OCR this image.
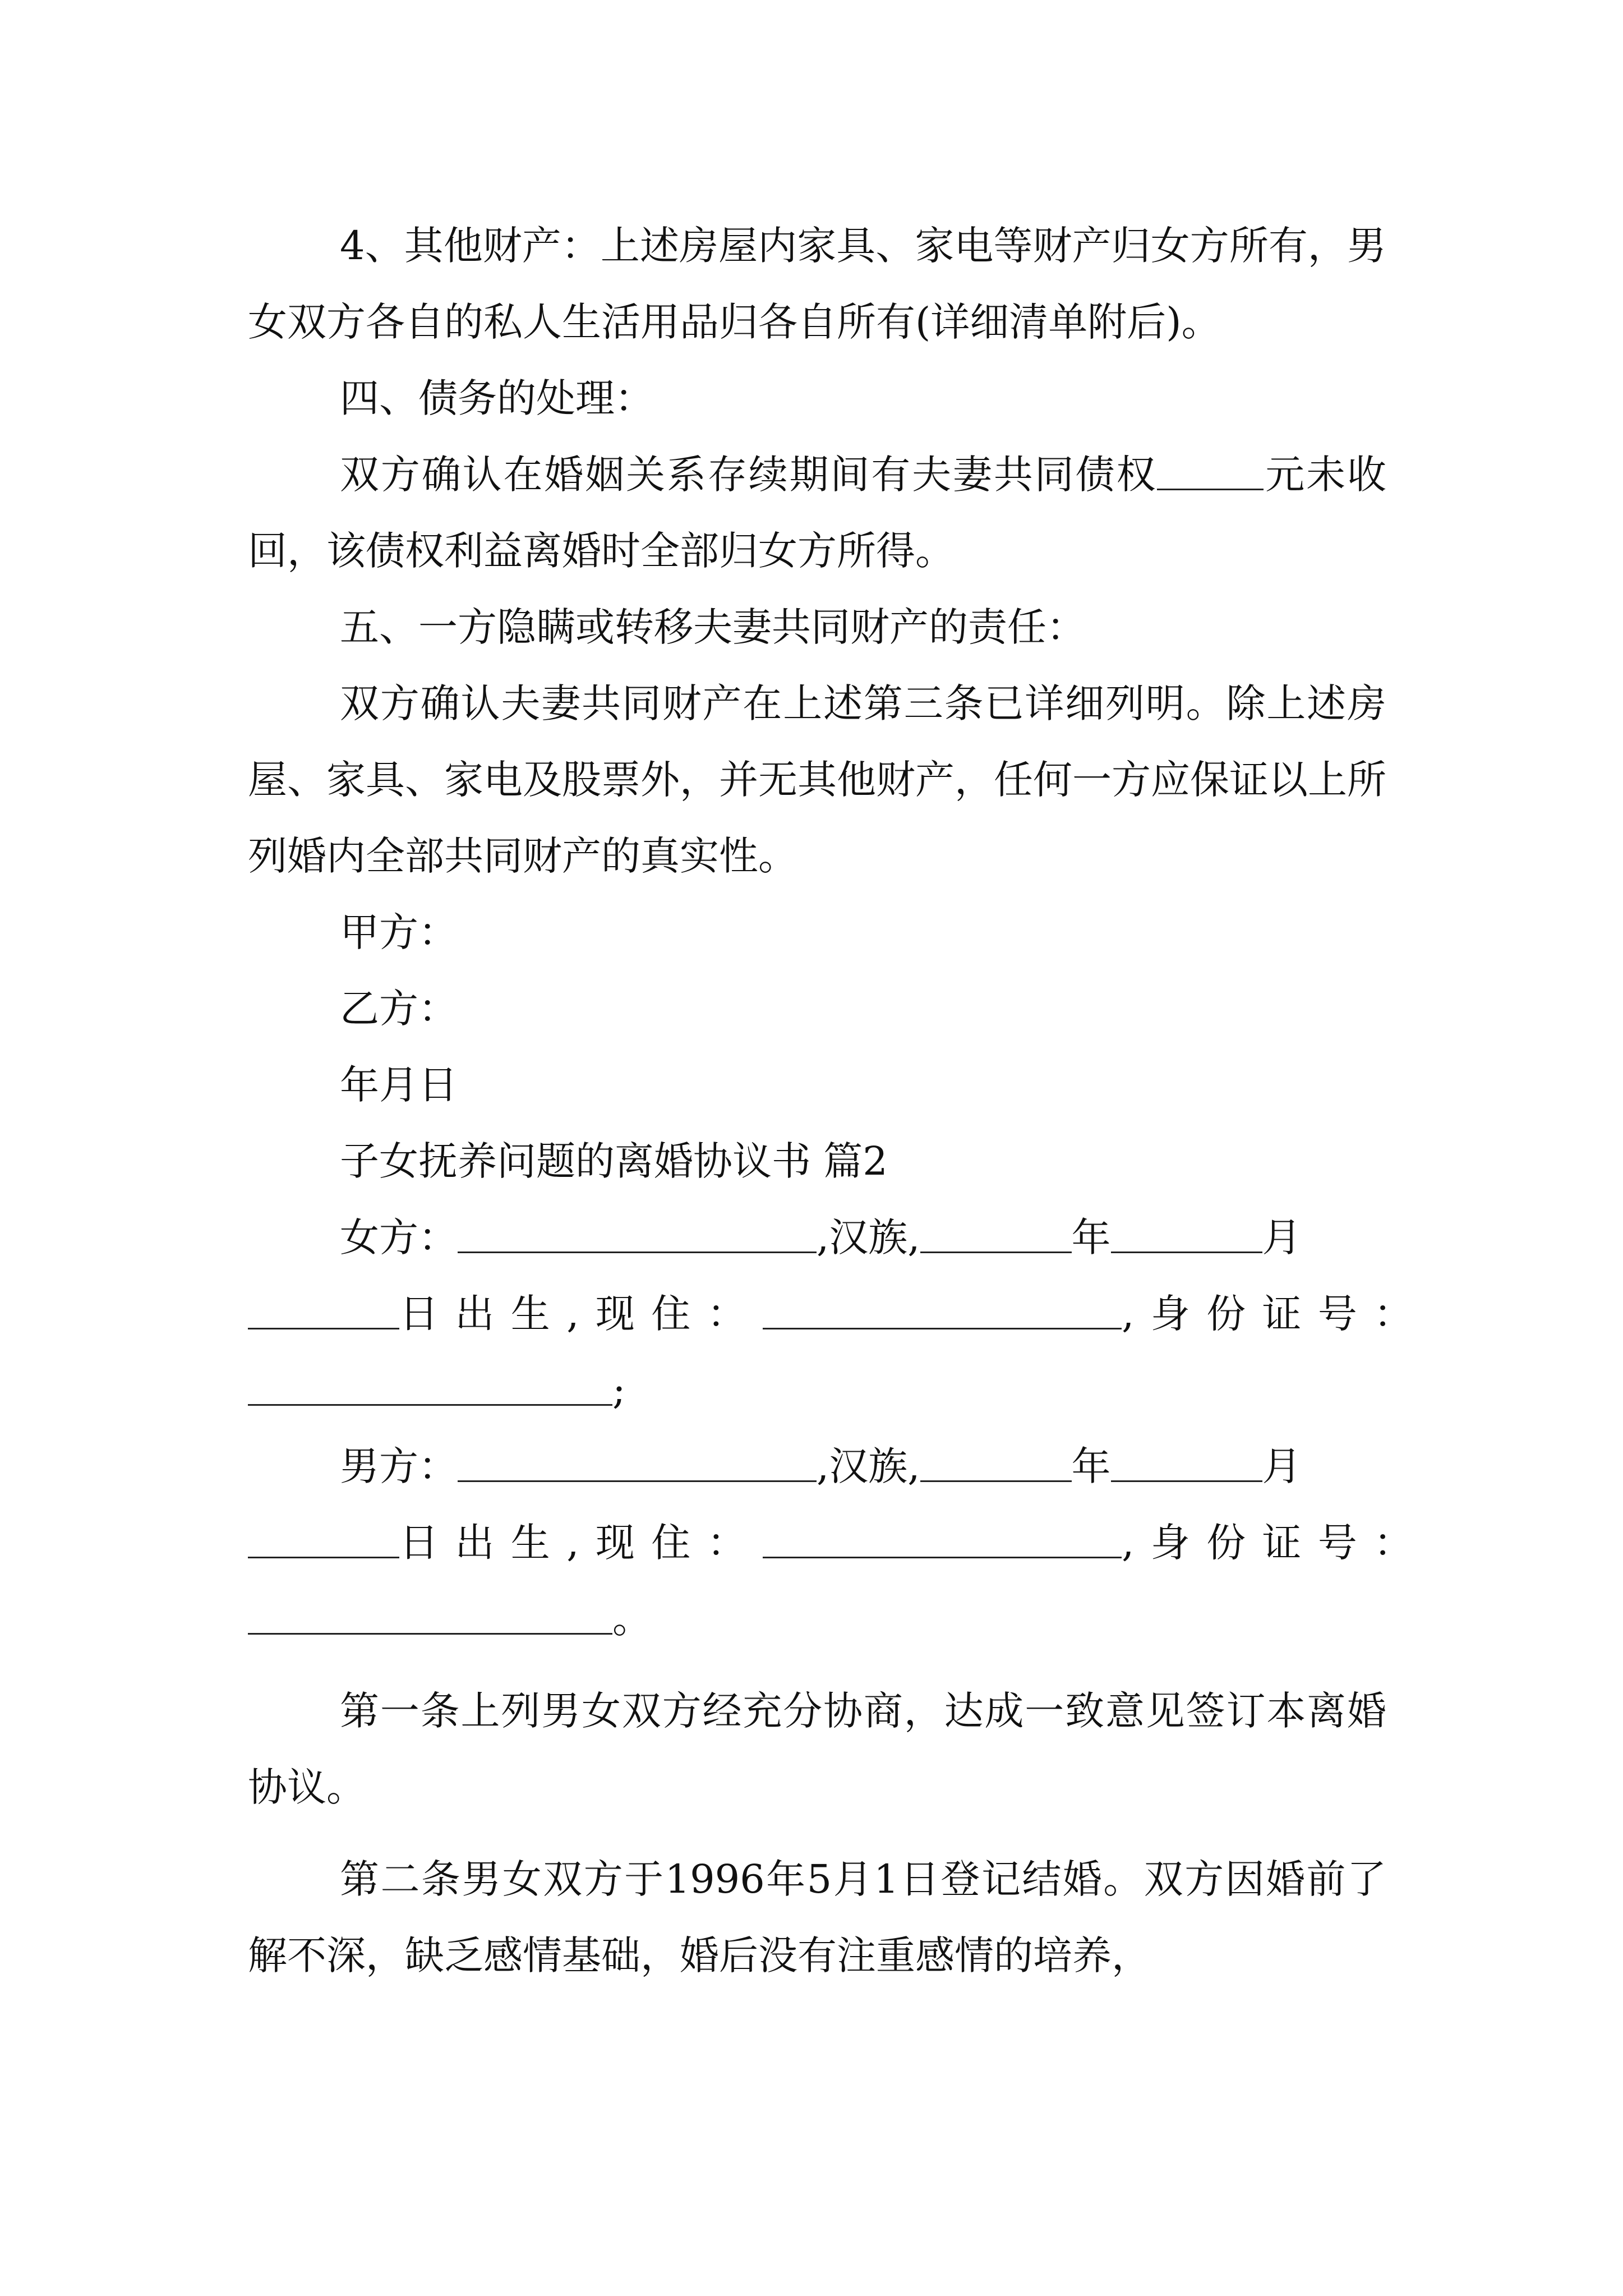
4、其他财产：上述房屋内家具、家电等财产归女方所有，男女双方各自的私人生活用品归各自所有(详细清单附后)。

四、债务的处理：

双方确认在婚姻关系存续期间有夫妻共同债权	元未收回，该债权利益离婚时全部归女方所得。

五、一方隐瞒或转移夫妻共同财产的责任：

双方确认夫妻共同财产在上述第三条已详细列明。除上述房屋、家具、家电及股票外，并无其他财产，任何一方应保证以上所列婚内全部共同财产的真实性。

甲方：

乙方：

年月日

子女抚养问题的离婚协议书 篇2

女方：	,汉族,	年	月
日出生,现住：	,身份证号：
;
男方：	,汉族,	年	月
日出生,现住：	,身份证号：
。

第一条上列男女双方经充分协商，达成一致意见签订本离婚协议。

第二条男女双方于1996年5月1日登记结婚。双方因婚前了解不深，缺乏感情基础，婚后没有注重感情的培养，
